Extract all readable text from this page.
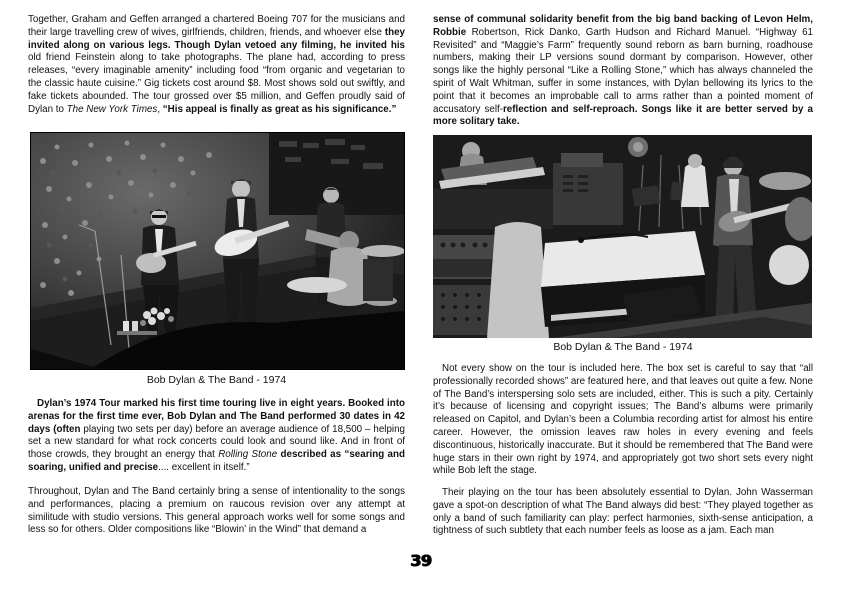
Together, Graham and Geffen arranged a chartered Boeing 707 for the musicians and their large travelling crew of wives, girlfriends, children, friends, and whoever else they invited along on various legs. Though Dylan vetoed any filming, he invited his old friend Feinstein along to take photographs. The plane had, according to press releases, “every imaginable amenity” including food “from organic and vegetarian to the classic haute cuisine.” Gig tickets cost around $8. Most shows sold out swiftly, and fake tickets abounded. The tour grossed over $5 million, and Geffen proudly said of Dylan to The New York Times, “His appeal is finally as great as his significance.”

Bob Dylan & The Band - 1974

Dylan’s 1974 Tour marked his first time touring live in eight years. Booked into arenas for the first time ever, Bob Dylan and The Band performed 30 dates in 42 days (often playing two sets per day) before an average audience of 18,500 – helping set a new standard for what rock concerts could look and sound like. And in front of those crowds, they brought an energy that Rolling Stone described as “searing and soaring, unified and precise.... excellent in itself.”

Throughout, Dylan and The Band certainly bring a sense of intentionality to the songs and performances, placing a premium on raucous revision over any attempt at similitude with studio versions. This general approach works well for some songs and less so for others. Older compositions like “Blowin’ in the Wind” that demand a

sense of communal solidarity benefit from the big band backing of Levon Helm, Robbie Robertson, Rick Danko, Garth Hudson and Richard Manuel. “Highway 61 Revisited” and “Maggie’s Farm” frequently sound reborn as barn burning, roadhouse numbers, making their LP versions sound dormant by comparison. However, other songs like the highly personal “Like a Rolling Stone,” which has always channeled the spirit of Walt Whitman, suffer in some instances, with Dylan bellowing its lyrics to the point that it becomes an improbable call to arms rather than a pointed moment of accusatory self-reflection and self-reproach. Songs like it are better served by a more solitary take.

Bob Dylan & The Band - 1974

Not every show on the tour is included here. The box set is careful to say that “all professionally recorded shows” are featured here, and that leaves out quite a few. None of The Band’s interspersing solo sets are included, either. This is such a pity. Certainly it’s because of licensing and copyright issues; The Band’s albums were primarily released on Capitol, and Dylan’s been a Columbia recording artist for almost his entire career. However, the omission leaves raw holes in every evening and feels discontinuous, historically inaccurate. But it should be remembered that The Band were huge stars in their own right by 1974, and appropriately got two short sets every night while Bob left the stage.

Their playing on the tour has been absolutely essential to Dylan. John Wasserman gave a spot-on description of what The Band always did best: “They played together as only a band of such familiarity can play: perfect harmonies, sixth-sense anticipation, a tightness of such subtlety that each number feels as loose as a jam. Each man

39
